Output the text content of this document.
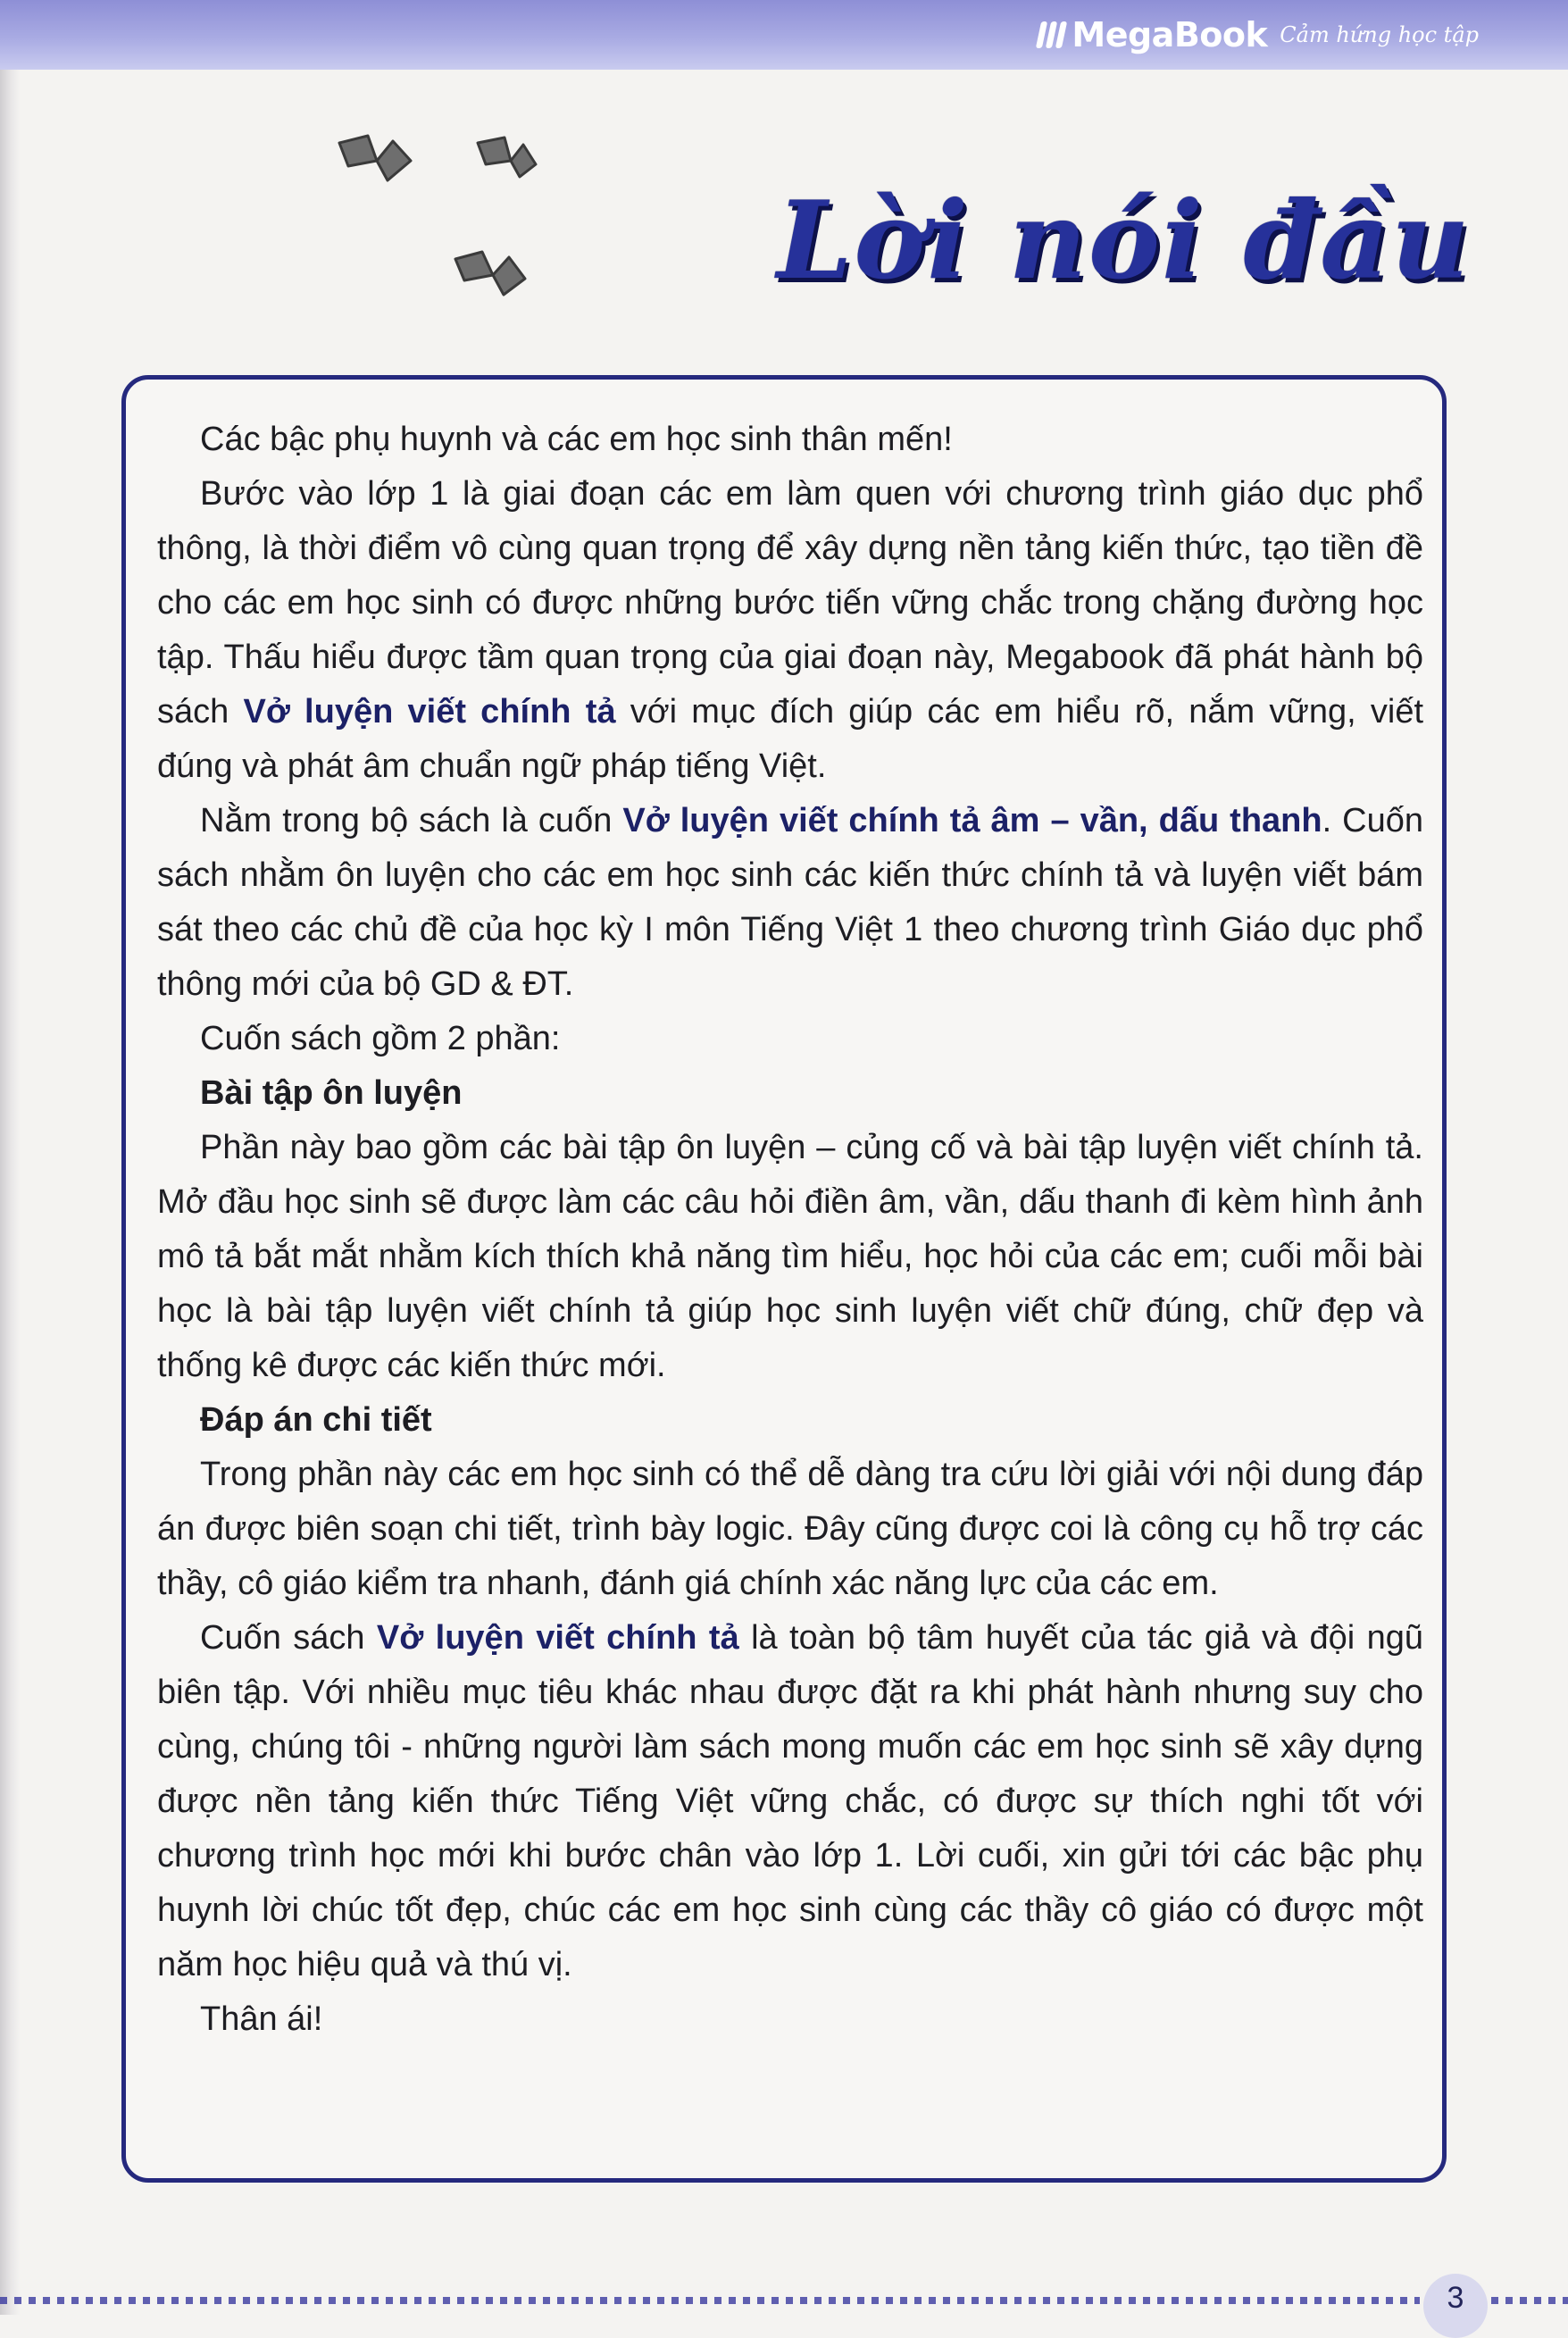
MegaBook Cảm hứng học tập
Lời nói đầu

Các bậc phụ huynh và các em học sinh thân mến!

Bước vào lớp 1 là giai đoạn các em làm quen với chương trình giáo dục phổ thông, là thời điểm vô cùng quan trọng để xây dựng nền tảng kiến thức, tạo tiền đề cho các em học sinh có được những bước tiến vững chắc trong chặng đường học tập. Thấu hiểu được tầm quan trọng của giai đoạn này, Megabook đã phát hành bộ sách Vở luyện viết chính tả với mục đích giúp các em hiểu rõ, nắm vững, viết đúng và phát âm chuẩn ngữ pháp tiếng Việt.

Nằm trong bộ sách là cuốn Vở luyện viết chính tả âm – vần, dấu thanh. Cuốn sách nhằm ôn luyện cho các em học sinh các kiến thức chính tả và luyện viết bám sát theo các chủ đề của học kỳ I môn Tiếng Việt 1 theo chương trình Giáo dục phổ thông mới của bộ GD & ĐT.

Cuốn sách gồm 2 phần:

Bài tập ôn luyện

Phần này bao gồm các bài tập ôn luyện – củng cố và bài tập luyện viết chính tả. Mở đầu học sinh sẽ được làm các câu hỏi điền âm, vần, dấu thanh đi kèm hình ảnh mô tả bắt mắt nhằm kích thích khả năng tìm hiểu, học hỏi của các em; cuối mỗi bài học là bài tập luyện viết chính tả giúp học sinh luyện viết chữ đúng, chữ đẹp và thống kê được các kiến thức mới.

Đáp án chi tiết

Trong phần này các em học sinh có thể dễ dàng tra cứu lời giải với nội dung đáp án được biên soạn chi tiết, trình bày logic. Đây cũng được coi là công cụ hỗ trợ các thầy, cô giáo kiểm tra nhanh, đánh giá chính xác năng lực của các em.

Cuốn sách Vở luyện viết chính tả là toàn bộ tâm huyết của tác giả và đội ngũ biên tập. Với nhiều mục tiêu khác nhau được đặt ra khi phát hành nhưng suy cho cùng, chúng tôi - những người làm sách mong muốn các em học sinh sẽ xây dựng được nền tảng kiến thức Tiếng Việt vững chắc, có được sự thích nghi tốt với chương trình học mới khi bước chân vào lớp 1. Lời cuối, xin gửi tới các bậc phụ huynh lời chúc tốt đẹp, chúc các em học sinh cùng các thầy cô giáo có được một năm học hiệu quả và thú vị.

Thân ái!

3
